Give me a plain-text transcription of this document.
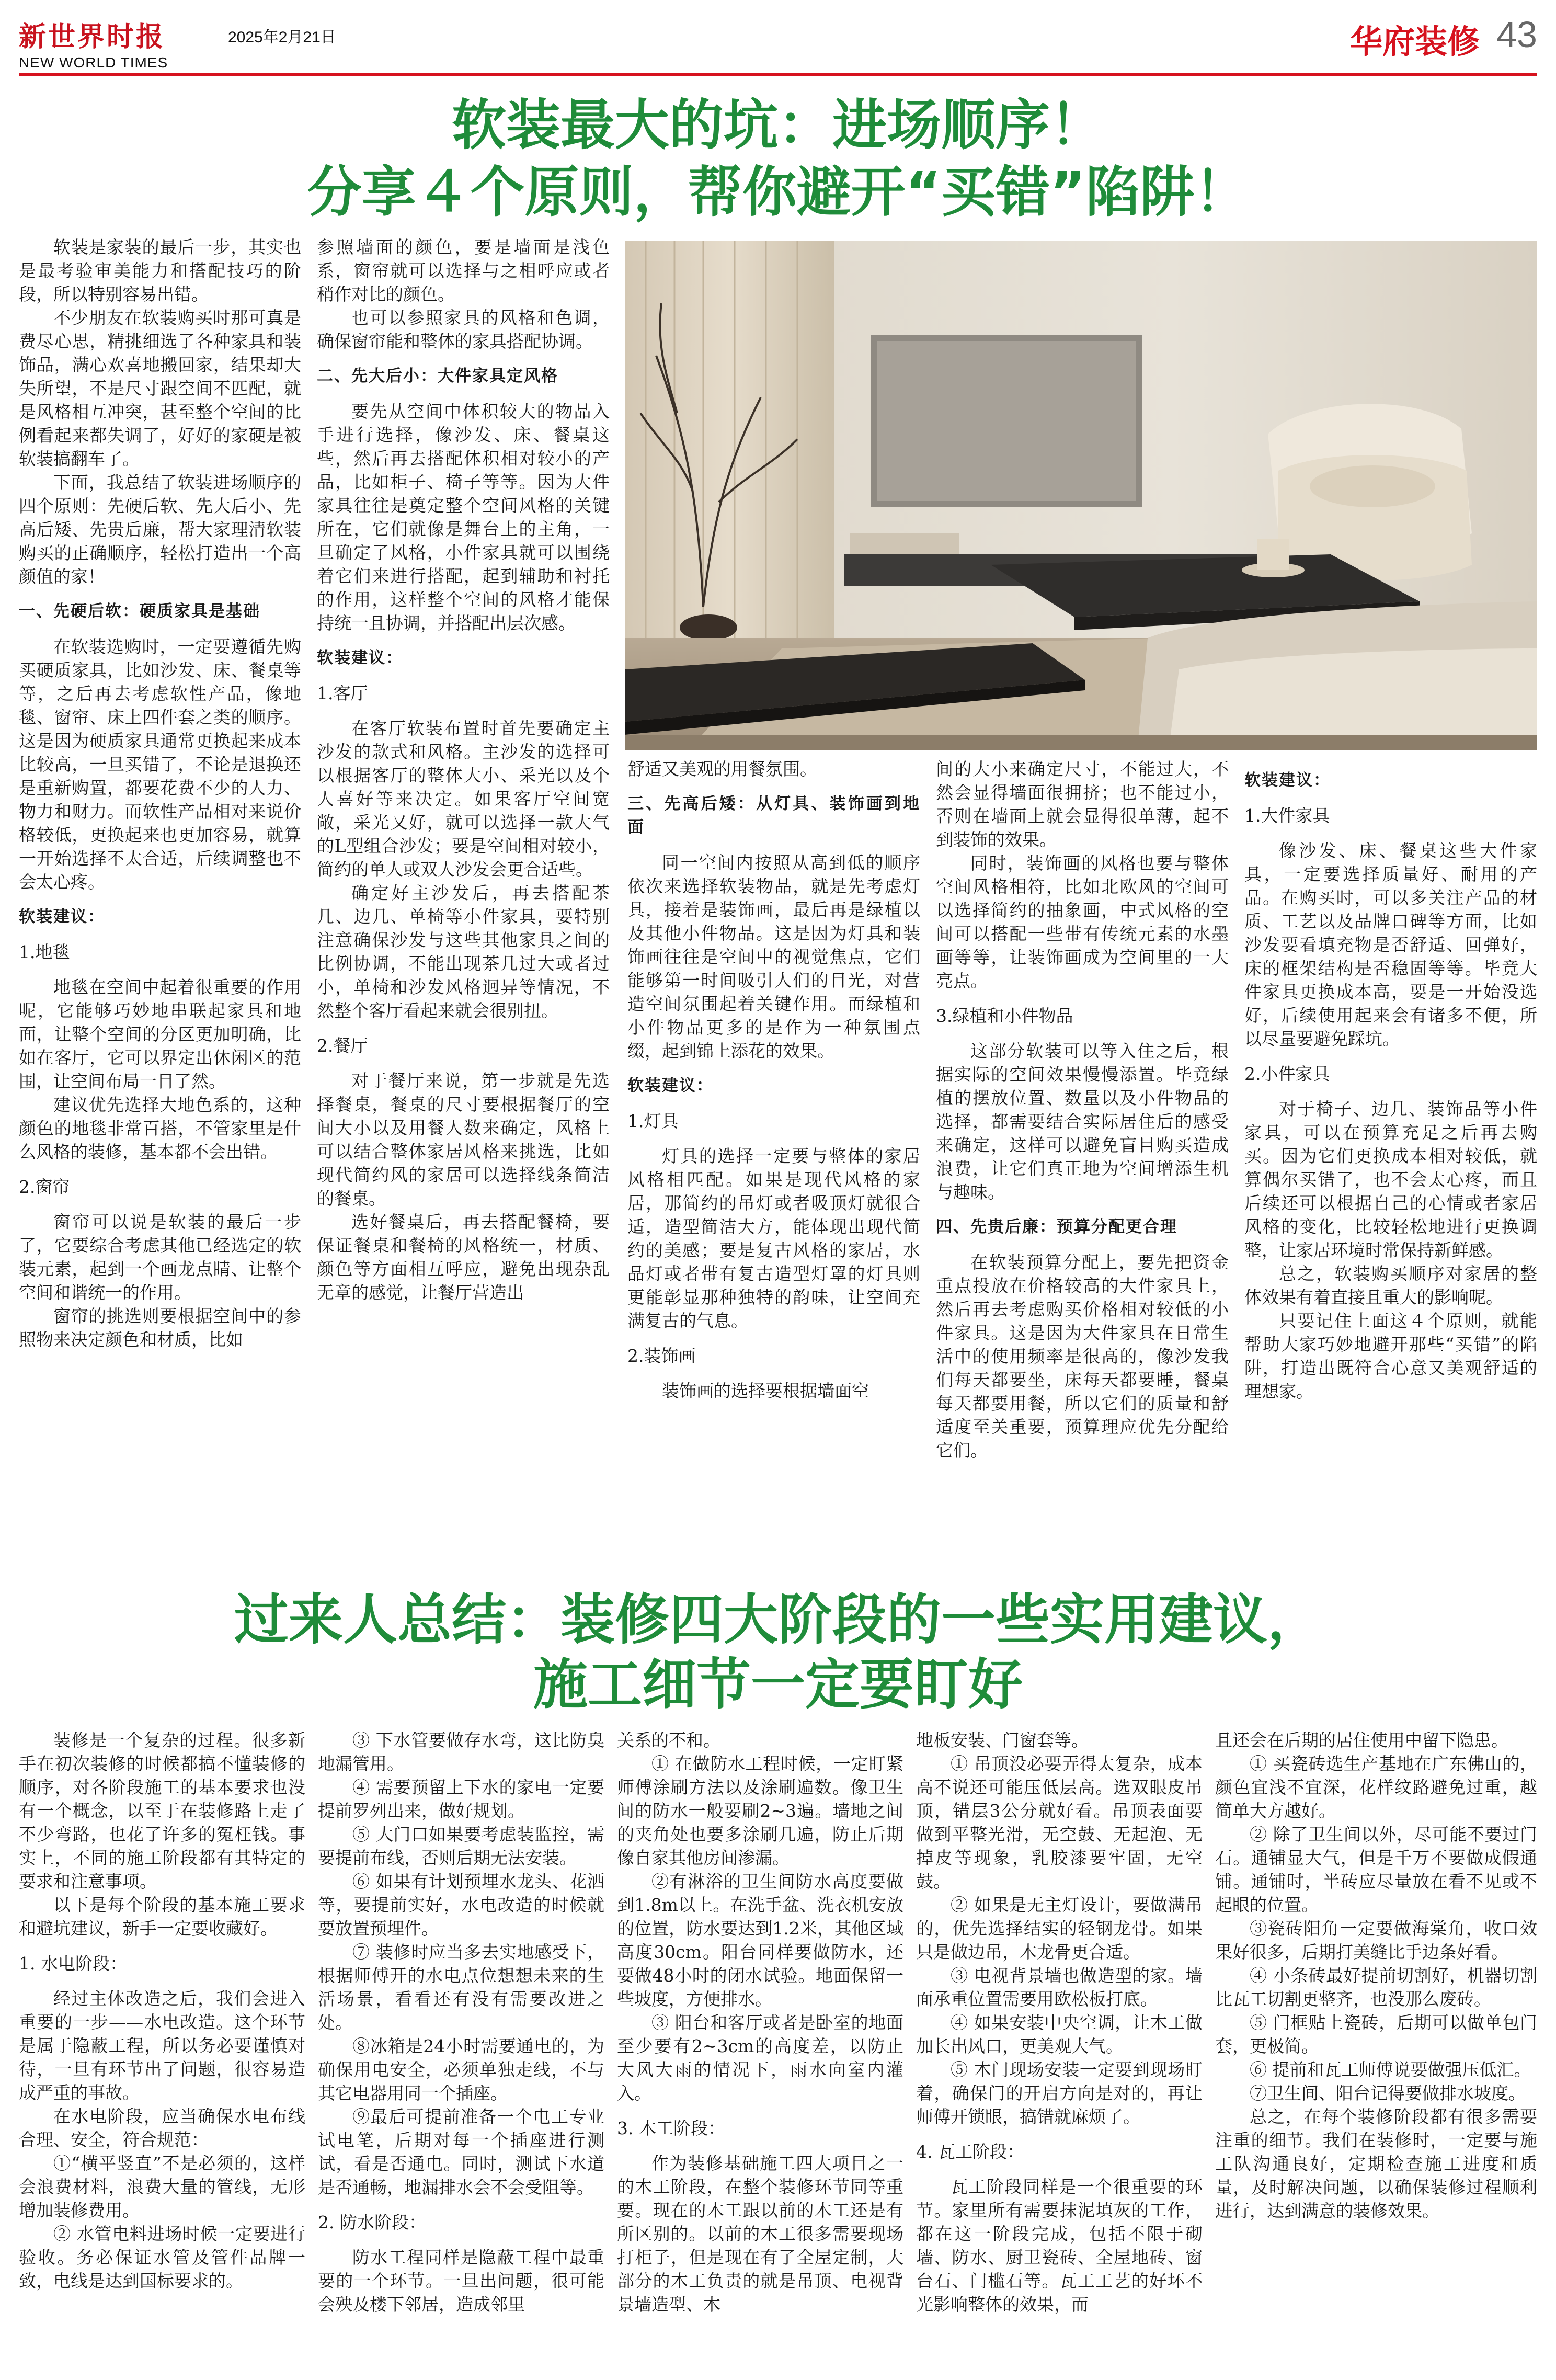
新世界时报	2025年2月21日
NEW WORLD TIMES
华府装修 43
软装最大的坑：进场顺序！
分享４个原则，帮你避开“买错”陷阱！

软装是家装的最后一步，其实也是最考验审美能力和搭配技巧的阶段，所以特别容易出错。

不少朋友在软装购买时那可真是费尽心思，精挑细选了各种家具和装饰品，满心欢喜地搬回家，结果却大失所望，不是尺寸跟空间不匹配，就是风格相互冲突，甚至整个空间的比例看起来都失调了，好好的家硬是被软装搞翻车了。

下面，我总结了软装进场顺序的四个原则：先硬后软、先大后小、先高后矮、先贵后廉，帮大家理清软装购买的正确顺序，轻松打造出一个高颜值的家！

一、先硬后软：硬质家具是基础

在软装选购时，一定要遵循先购买硬质家具，比如沙发、床、餐桌等等，之后再去考虑软性产品，像地毯、窗帘、床上四件套之类的顺序。这是因为硬质家具通常更换起来成本比较高，一旦买错了，不论是退换还是重新购置，都要花费不少的人力、物力和财力。而软性产品相对来说价格较低，更换起来也更加容易，就算一开始选择不太合适，后续调整也不会太心疼。

软装建议：

1.地毯

地毯在空间中起着很重要的作用呢，它能够巧妙地串联起家具和地面，让整个空间的分区更加明确，比如在客厅，它可以界定出休闲区的范围，让空间布局一目了然。

建议优先选择大地色系的，这种颜色的地毯非常百搭，不管家里是什么风格的装修，基本都不会出错。

2.窗帘

窗帘可以说是软装的最后一步了，它要综合考虑其他已经选定的软装元素，起到一个画龙点睛、让整个空间和谐统一的作用。

窗帘的挑选则要根据空间中的参照物来决定颜色和材质，比如

参照墙面的颜色，要是墙面是浅色系，窗帘就可以选择与之相呼应或者稍作对比的颜色。

也可以参照家具的风格和色调，确保窗帘能和整体的家具搭配协调。

二、先大后小：大件家具定风格

要先从空间中体积较大的物品入手进行选择，像沙发、床、餐桌这些，然后再去搭配体积相对较小的产品，比如柜子、椅子等等。因为大件家具往往是奠定整个空间风格的关键所在，它们就像是舞台上的主角，一旦确定了风格，小件家具就可以围绕着它们来进行搭配，起到辅助和衬托的作用，这样整个空间的风格才能保持统一且协调，并搭配出层次感。

软装建议：

1.客厅

在客厅软装布置时首先要确定主沙发的款式和风格。主沙发的选择可以根据客厅的整体大小、采光以及个人喜好等来决定。如果客厅空间宽敞，采光又好，就可以选择一款大气的L型组合沙发；要是空间相对较小，简约的单人或双人沙发会更合适些。

确定好主沙发后，再去搭配茶几、边几、单椅等小件家具，要特别注意确保沙发与这些其他家具之间的比例协调，不能出现茶几过大或者过小，单椅和沙发风格迥异等情况，不然整个客厅看起来就会很别扭。

2.餐厅

对于餐厅来说，第一步就是先选择餐桌，餐桌的尺寸要根据餐厅的空间大小以及用餐人数来确定，风格上可以结合整体家居风格来挑选，比如现代简约风的家居可以选择线条简洁的餐桌。

选好餐桌后，再去搭配餐椅，要保证餐桌和餐椅的风格统一，材质、颜色等方面相互呼应，避免出现杂乱无章的感觉，让餐厅营造出

舒适又美观的用餐氛围。

三、先高后矮：从灯具、装饰画到地面

同一空间内按照从高到低的顺序依次来选择软装物品，就是先考虑灯具，接着是装饰画，最后再是绿植以及其他小件物品。这是因为灯具和装饰画往往是空间中的视觉焦点，它们能够第一时间吸引人们的目光，对营造空间氛围起着关键作用。而绿植和小件物品更多的是作为一种氛围点缀，起到锦上添花的效果。

软装建议：

1.灯具

灯具的选择一定要与整体的家居风格相匹配。如果是现代风格的家居，那简约的吊灯或者吸顶灯就很合适，造型简洁大方，能体现出现代简约的美感；要是复古风格的家居，水晶灯或者带有复古造型灯罩的灯具则更能彰显那种独特的韵味，让空间充满复古的气息。

2.装饰画

装饰画的选择要根据墙面空

间的大小来确定尺寸，不能过大，不然会显得墙面很拥挤；也不能过小，否则在墙面上就会显得很单薄，起不到装饰的效果。

同时，装饰画的风格也要与整体空间风格相符，比如北欧风的空间可以选择简约的抽象画，中式风格的空间可以搭配一些带有传统元素的水墨画等等，让装饰画成为空间里的一大亮点。

3.绿植和小件物品

这部分软装可以等入住之后，根据实际的空间效果慢慢添置。毕竟绿植的摆放位置、数量以及小件物品的选择，都需要结合实际居住后的感受来确定，这样可以避免盲目购买造成浪费，让它们真正地为空间增添生机与趣味。

四、先贵后廉：预算分配更合理

在软装预算分配上，要先把资金重点投放在价格较高的大件家具上，然后再去考虑购买价格相对较低的小件家具。这是因为大件家具在日常生活中的使用频率是很高的，像沙发我们每天都要坐，床每天都要睡，餐桌每天都要用餐，所以它们的质量和舒适度至关重要，预算理应优先分配给它们。

软装建议：

1.大件家具

像沙发、床、餐桌这些大件家具，一定要选择质量好、耐用的产品。在购买时，可以多关注产品的材质、工艺以及品牌口碑等方面，比如沙发要看填充物是否舒适、回弹好，床的框架结构是否稳固等等。毕竟大件家具更换成本高，要是一开始没选好，后续使用起来会有诸多不便，所以尽量要避免踩坑。

2.小件家具

对于椅子、边几、装饰品等小件家具，可以在预算充足之后再去购买。因为它们更换成本相对较低，就算偶尔买错了，也不会太心疼，而且后续还可以根据自己的心情或者家居风格的变化，比较轻松地进行更换调整，让家居环境时常保持新鲜感。

总之，软装购买顺序对家居的整体效果有着直接且重大的影响呢。

只要记住上面这４个原则，就能帮助大家巧妙地避开那些“买错”的陷阱，打造出既符合心意又美观舒适的理想家。

过来人总结：装修四大阶段的一些实用建议，
施工细节一定要盯好

装修是一个复杂的过程。很多新手在初次装修的时候都搞不懂装修的顺序，对各阶段施工的基本要求也没有一个概念，以至于在装修路上走了不少弯路，也花了许多的冤枉钱。事实上，不同的施工阶段都有其特定的要求和注意事项。

以下是每个阶段的基本施工要求和避坑建议，新手一定要收藏好。

1. 水电阶段：

经过主体改造之后，我们会进入重要的一步——水电改造。这个环节是属于隐蔽工程，所以务必要谨慎对待，一旦有环节出了问题，很容易造成严重的事故。

在水电阶段，应当确保水电布线合理、安全，符合规范：

①“横平竖直”不是必须的，这样会浪费材料，浪费大量的管线，无形增加装修费用。

② 水管电料进场时候一定要进行验收。务必保证水管及管件品牌一致，电线是达到国标要求的。

③ 下水管要做存水弯，这比防臭地漏管用。

④ 需要预留上下水的家电一定要提前罗列出来，做好规划。

⑤ 大门口如果要考虑装监控，需要提前布线，否则后期无法安装。

⑥ 如果有计划预埋水龙头、花洒等，要提前实好，水电改造的时候就要放置预埋件。

⑦ 装修时应当多去实地感受下，根据师傅开的水电点位想想未来的生活场景，看看还有没有需要改进之处。

⑧冰箱是24小时需要通电的，为确保用电安全，必须单独走线，不与其它电器用同一个插座。

⑨最后可提前准备一个电工专业试电笔，后期对每一个插座进行测试，看是否通电。同时，测试下水道是否通畅，地漏排水会不会受阻等。

2. 防水阶段：

防水工程同样是隐蔽工程中最重要的一个环节。一旦出问题，很可能会殃及楼下邻居，造成邻里

关系的不和。

① 在做防水工程时候，一定盯紧师傅涂刷方法以及涂刷遍数。像卫生间的防水一般要刷2~3遍。墙地之间的夹角处也要多涂刷几遍，防止后期像自家其他房间渗漏。

②有淋浴的卫生间防水高度要做到1.8m以上。在洗手盆、洗衣机安放的位置，防水要达到1.2米，其他区域高度30cm。阳台同样要做防水，还要做48小时的闭水试验。地面保留一些坡度，方便排水。

③ 阳台和客厅或者是卧室的地面至少要有2~3cm的高度差，以防止大风大雨的情况下，雨水向室内灌入。

3. 木工阶段：

作为装修基础施工四大项目之一的木工阶段，在整个装修环节同等重要。现在的木工跟以前的木工还是有所区别的。以前的木工很多需要现场打柜子，但是现在有了全屋定制，大部分的木工负责的就是吊顶、电视背景墙造型、木

地板安装、门窗套等。

① 吊顶没必要弄得太复杂，成本高不说还可能压低层高。选双眼皮吊顶，错层3公分就好看。吊顶表面要做到平整光滑，无空鼓、无起泡、无掉皮等现象，乳胶漆要牢固，无空鼓。

② 如果是无主灯设计，要做满吊的，优先选择结实的轻钢龙骨。如果只是做边吊，木龙骨更合适。

③ 电视背景墙也做造型的家。墙面承重位置需要用欧松板打底。

④ 如果安装中央空调，让木工做加长出风口，更美观大气。

⑤ 木门现场安装一定要到现场盯着，确保门的开启方向是对的，再让师傅开锁眼，搞错就麻烦了。

4. 瓦工阶段：

瓦工阶段同样是一个很重要的环节。家里所有需要抹泥填灰的工作，都在这一阶段完成，包括不限于砌墙、防水、厨卫瓷砖、全屋地砖、窗台石、门槛石等。瓦工工艺的好坏不光影响整体的效果，而

且还会在后期的居住使用中留下隐患。

① 买瓷砖选生产基地在广东佛山的，颜色宜浅不宜深，花样纹路避免过重，越简单大方越好。

② 除了卫生间以外，尽可能不要过门石。通铺显大气，但是千万不要做成假通铺。通铺时，半砖应尽量放在看不见或不起眼的位置。

③瓷砖阳角一定要做海棠角，收口效果好很多，后期打美缝比手边条好看。

④ 小条砖最好提前切割好，机器切割比瓦工切割更整齐，也没那么废砖。

⑤ 门框贴上瓷砖，后期可以做单包门套，更极简。

⑥ 提前和瓦工师傅说要做强压低汇。

⑦卫生间、阳台记得要做排水坡度。

总之，在每个装修阶段都有很多需要注重的细节。我们在装修时，一定要与施工队沟通良好，定期检查施工进度和质量，及时解决问题，以确保装修过程顺利进行，达到满意的装修效果。
